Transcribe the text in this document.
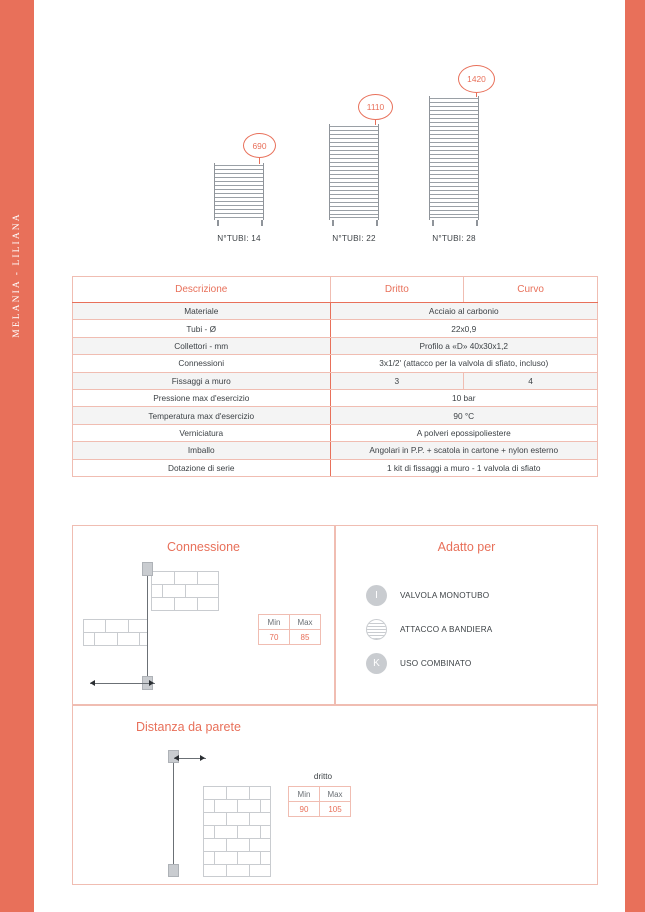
MELANIA - LILIANA
690
N°TUBI: 14
1110
N°TUBI: 22
1420
N°TUBI: 28
Descrizione	Dritto	Curvo
Materiale	Acciaio al carbonio	
Tubi - Ø	22x0,9	
Collettori - mm	Profilo a «D» 40x30x1,2	
Connessioni	3x1/2' (attacco per la valvola di sfiato, incluso)	
Fissaggi a muro	3	4
Pressione max d'esercizio	10 bar	
Temperatura max d'esercizio	90 °C	
Verniciatura	A polveri epossipoliestere	
Imballo	Angolari in P.P. + scatola in cartone + nylon esterno	
Dotazione di serie	1 kit di fissaggi a muro - 1 valvola di sfiato	
Connessione
Min	Max
70	85
Adatto per
I	VALVOLA MONOTUBO
ATTACCO A BANDIERA
K USO COMBINATO
Distanza da parete
dritto
Min	Max
90	105
